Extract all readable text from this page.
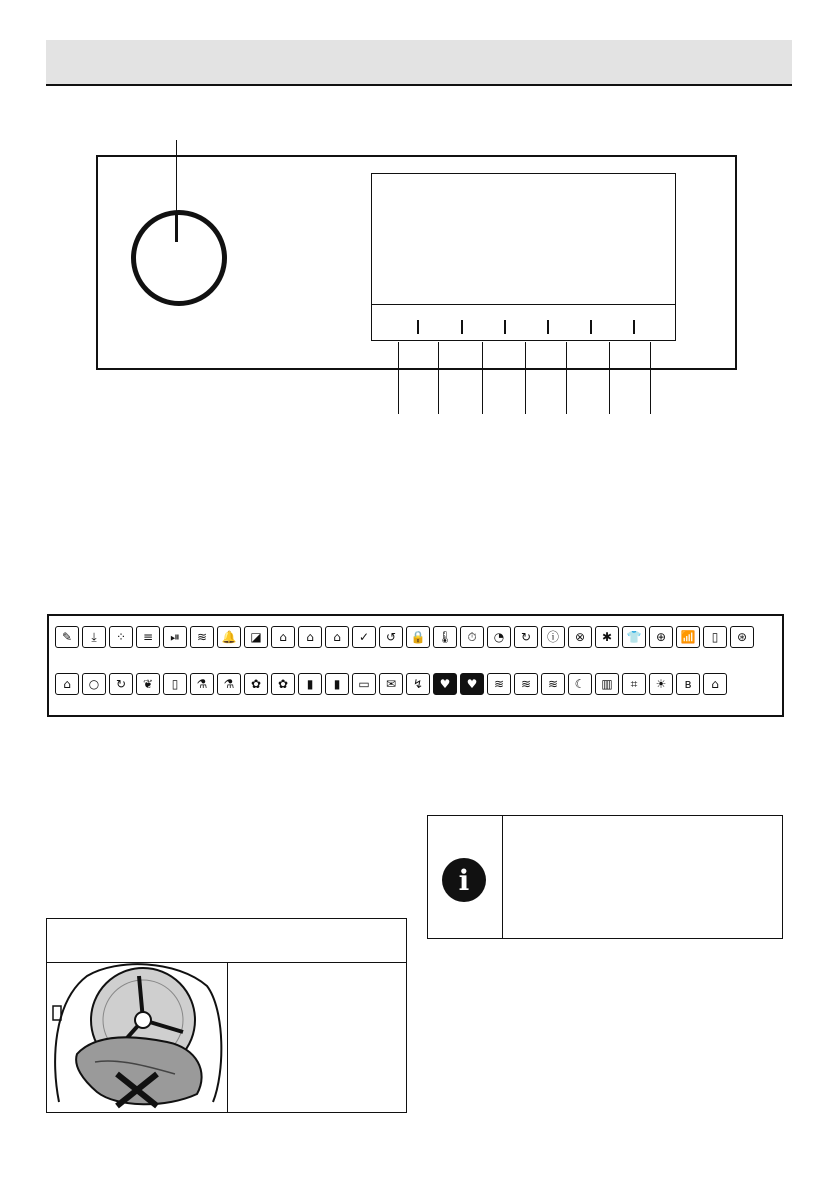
✎	⤓	⁘	≡	⏯	≋	🔔	◪	⌂	⌂	⌂	✓	↺	🔒 🌡	⏱	◔	↻	ⓘ	⊗	✱	👕	⊕	📶	▯	⊛
⌂	○	↻	❦	▯	⚗	⚗	✿	✿	▮	▮	▭	✉	↯	♥	♥	≋	≋	≋	☾	▥	⌗	☀	ʙ	⌂
i
